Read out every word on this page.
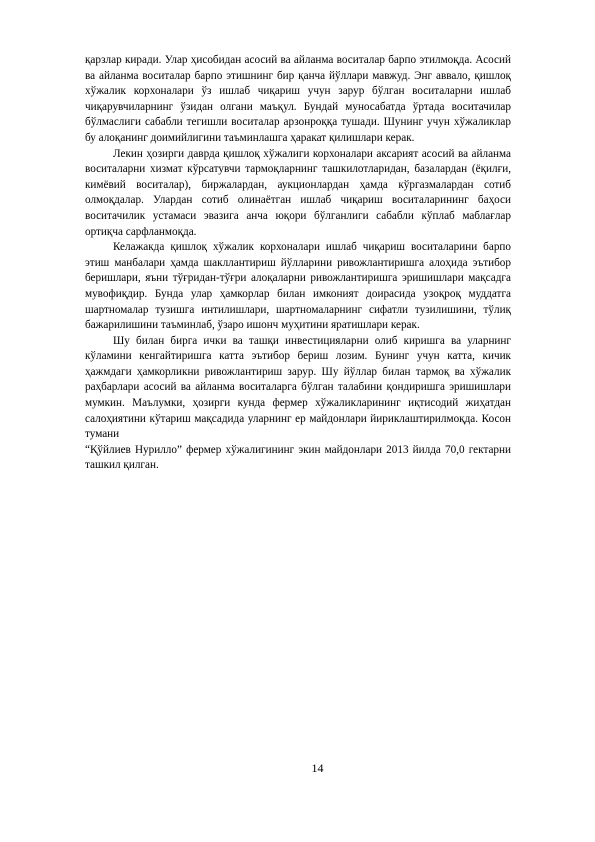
қарзлар киради. Улар ҳисобидан асосий ва айланма воситалар барпо этилмоқда. Асосий ва айланма воситалар барпо этишнинг бир қанча йўллари мавжуд. Энг аввало, қишлоқ хўжалик корхоналари ўз ишлаб чиқариш учун зарур бўлган воситаларни ишлаб чиқарувчиларнинг ўзидан олгани маъқул. Бундай муносабатда ўртада воситачилар бўлмаслиги сабабли тегишли воситалар арзонроққа тушади. Шунинг учун хўжаликлар бу алоқанинг доимийлигини таъминлашга ҳаракат қилишлари керак.

Лекин ҳозирги даврда қишлоқ хўжалиги корхоналари аксарият асосий ва айланма воситаларни хизмат кўрсатувчи тармоқларнинг ташкилотларидан, базалардан (ёқилғи, кимёвий воситалар), биржалардан, аукционлардан ҳамда кўргазмалардан сотиб олмоқдалар. Улардан сотиб олинаётган ишлаб чиқариш воситаларининг баҳоси воситачилик устамаси эвазига анча юқори бўлганлиги сабабли кўплаб маблағлар ортиқча сарфланмоқда.

Келажакда қишлоқ хўжалик корхоналари ишлаб чиқариш воситаларини барпо этиш манбалари ҳамда шакллантириш йўлларини ривожлантиришга алоҳида эътибор беришлари, яъни тўғридан-тўғри алоқаларни ривожлантиришга эришишлари мақсадга мувофиқдир. Бунда улар ҳамкорлар билан имконият доирасида узоқроқ муддатга шартномалар тузишга интилишлари, шартномаларнинг сифатли тузилишини, тўлиқ бажарилишини таъминлаб, ўзаро ишонч муҳитини яратишлари керак.

Шу билан бирга ички ва ташқи инвестицияларни олиб киришга ва уларнинг кўламини кенгайтиришга катта эътибор бериш лозим. Бунинг учун катта, кичик ҳажмдаги ҳамкорликни ривожлантириш зарур. Шу йўллар билан тармоқ ва хўжалик раҳбарлари асосий ва айланма воситаларга бўлган талабини қондиришга эришишлари мумкин. Маълумки, ҳозирги кунда фермер хўжаликларининг иқтисодий жиҳатдан салоҳиятини кўтариш мақсадида уларнинг ер майдонлари йириклаштирилмоқда. Косон тумани

“Қўйлиев Нуриллo” фермер хўжалигининг экин майдонлари 2013 йилда 70,0 гектарни ташкил қилган.

14
